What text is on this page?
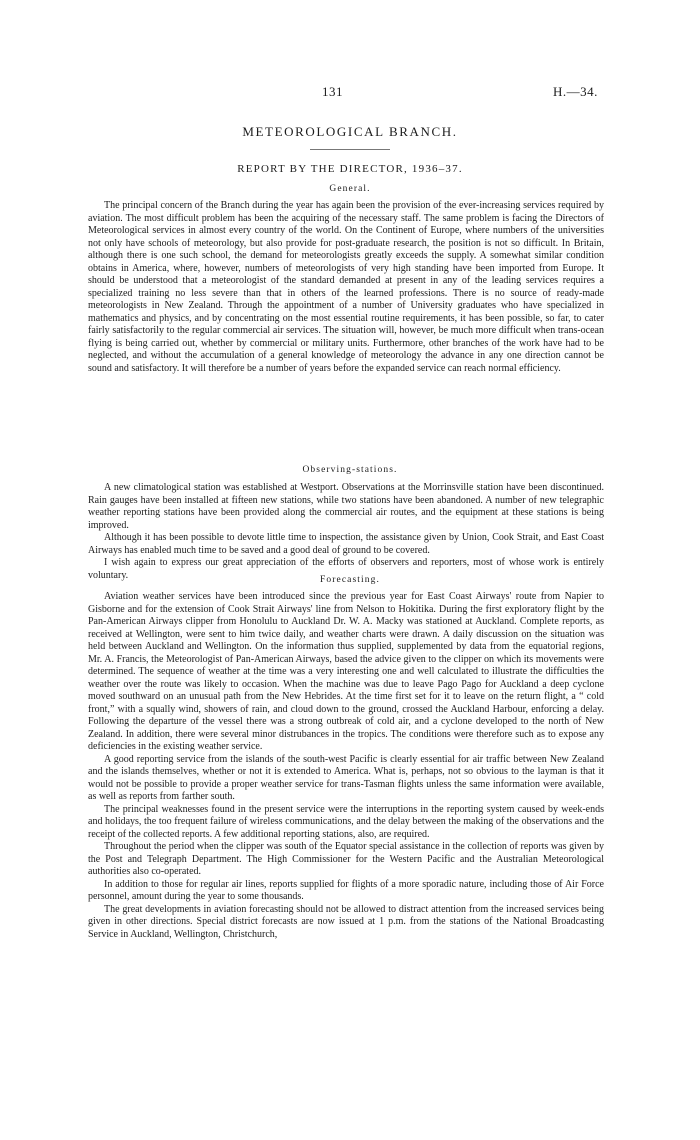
131	H.—34.
METEOROLOGICAL BRANCH.
REPORT BY THE DIRECTOR, 1936–37.
General.

The principal concern of the Branch during the year has again been the provision of the ever-increasing services required by aviation. The most difficult problem has been the acquiring of the necessary staff. The same problem is facing the Directors of Meteorological services in almost every country of the world. On the Continent of Europe, where numbers of the universities not only have schools of meteorology, but also provide for post-graduate research, the position is not so difficult. In Britain, although there is one such school, the demand for meteorologists greatly exceeds the supply. A somewhat similar condition obtains in America, where, however, numbers of meteorologists of very high standing have been imported from Europe. It should be understood that a meteorologist of the standard demanded at present in any of the leading services requires a specialized training no less severe than that in others of the learned professions. There is no source of ready-made meteorologists in New Zealand. Through the appointment of a number of University graduates who have specialized in mathematics and physics, and by concentrating on the most essential routine requirements, it has been possible, so far, to cater fairly satisfactorily to the regular commercial air services. The situation will, however, be much more difficult when trans-ocean flying is being carried out, whether by commercial or military units. Furthermore, other branches of the work have had to be neglected, and without the accumulation of a general knowledge of meteorology the advance in any one direction cannot be sound and satisfactory. It will therefore be a number of years before the expanded service can reach normal efficiency.

Observing-stations.

A new climatological station was established at Westport. Observations at the Morrinsville station have been discontinued. Rain gauges have been installed at fifteen new stations, while two stations have been abandoned. A number of new telegraphic weather reporting stations have been provided along the commercial air routes, and the equipment at these stations is being improved.

Although it has been possible to devote little time to inspection, the assistance given by Union, Cook Strait, and East Coast Airways has enabled much time to be saved and a good deal of ground to be covered.

I wish again to express our great appreciation of the efforts of observers and reporters, most of whose work is entirely voluntary.	Forecasting.

Aviation weather services have been introduced since the previous year for East Coast Airways' route from Napier to Gisborne and for the extension of Cook Strait Airways' line from Nelson to Hokitika. During the first exploratory flight by the Pan-American Airways clipper from Honolulu to Auckland Dr. W. A. Macky was stationed at Auckland. Complete reports, as received at Wellington, were sent to him twice daily, and weather charts were drawn. A daily discussion on the situation was held between Auckland and Wellington. On the information thus supplied, supplemented by data from the equatorial regions, Mr. A. Francis, the Meteorologist of Pan-American Airways, based the advice given to the clipper on which its movements were determined. The sequence of weather at the time was a very interesting one and well calculated to illustrate the difficulties the weather over the route was likely to occasion. When the machine was due to leave Pago Pago for Auckland a deep cyclone moved southward on an unusual path from the New Hebrides. At the time first set for it to leave on the return flight, a “ cold front,” with a squally wind, showers of rain, and cloud down to the ground, crossed the Auckland Harbour, enforcing a delay. Following the departure of the vessel there was a strong outbreak of cold air, and a cyclone developed to the north of New Zealand. In addition, there were several minor distrubances in the tropics. The conditions were therefore such as to expose any deficiencies in the existing weather service.

A good reporting service from the islands of the south-west Pacific is clearly essential for air traffic between New Zealand and the islands themselves, whether or not it is extended to America. What is, perhaps, not so obvious to the layman is that it would not be possible to provide a proper weather service for trans-Tasman flights unless the same information were available, as well as reports from farther south.

The principal weaknesses found in the present service were the interruptions in the reporting system caused by week-ends and holidays, the too frequent failure of wireless communications, and the delay between the making of the observations and the receipt of the collected reports. A few additional reporting stations, also, are required.

Throughout the period when the clipper was south of the Equator special assistance in the collection of reports was given by the Post and Telegraph Department. The High Commissioner for the Western Pacific and the Australian Meteorological authorities also co-operated.

In addition to those for regular air lines, reports supplied for flights of a more sporadic nature, including those of Air Force personnel, amount during the year to some thousands.

The great developments in aviation forecasting should not be allowed to distract attention from the increased services being given in other directions. Special district forecasts are now issued at 1 p.m. from the stations of the National Broadcasting Service in Auckland, Wellington, Christchurch,
